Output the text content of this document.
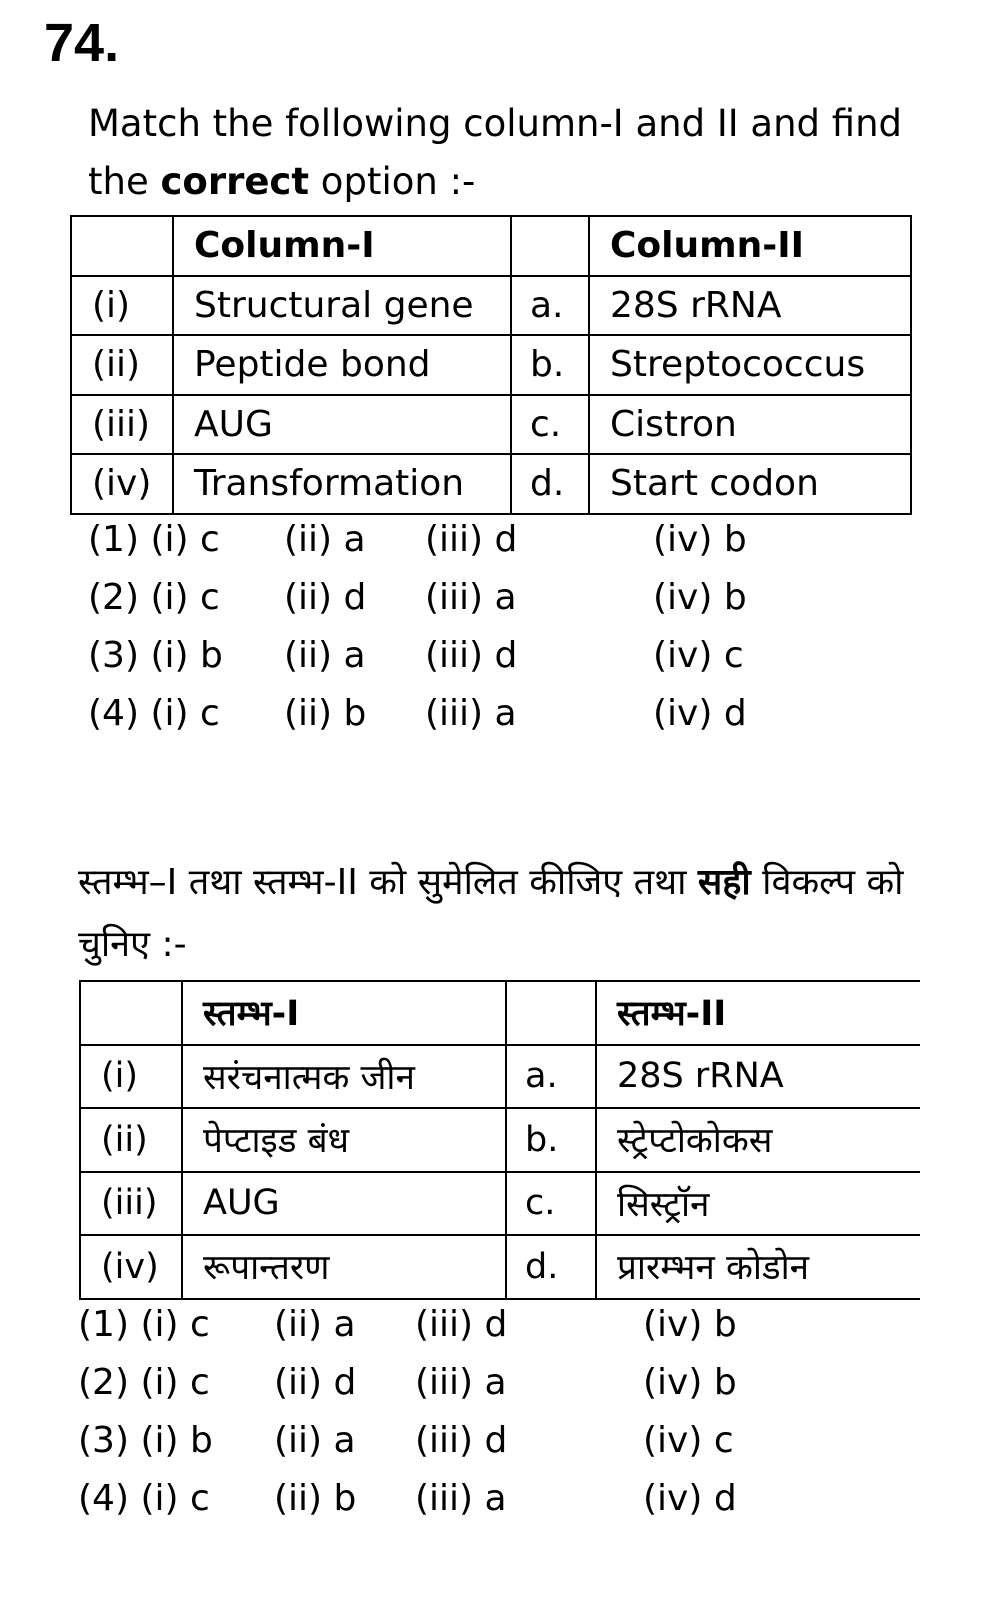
74.

Match the following column-I and II and find the correct option :-

	Column-I		Column-II
(i)	Structural gene	a.	28S rRNA
(ii)	Peptide bond	b.	Streptococcus
(iii)	AUG	c.	Cistron
(iv)	Transformation	d.	Start codon
(1) (i) c (ii) a (iii) d	(iv) b
(2) (i) c (ii) d (iii) a	(iv) b
(3) (i) b (ii) a (iii) d	(iv) c
(4) (i) c (ii) b (iii) a	(iv) d

स्तम्भ–I तथा स्तम्भ-II को सुमेलित कीजिए तथा सही विकल्प को चुनिए :-

	स्तम्भ-I		स्तम्भ-II
(i)	सरंचनात्मक जीन	a.	28S rRNA
(ii)	पेप्टाइड बंध	b.	स्ट्रेप्टोकोकस
(iii)	AUG	c.	सिस्ट्रॉन
(iv)	रूपान्तरण	d.	प्रारम्भन कोडोन
(1) (i) c (ii) a (iii) d	(iv) b
(2) (i) c (ii) d (iii) a	(iv) b
(3) (i) b (ii) a (iii) d	(iv) c
(4) (i) c (ii) b (iii) a	(iv) d
